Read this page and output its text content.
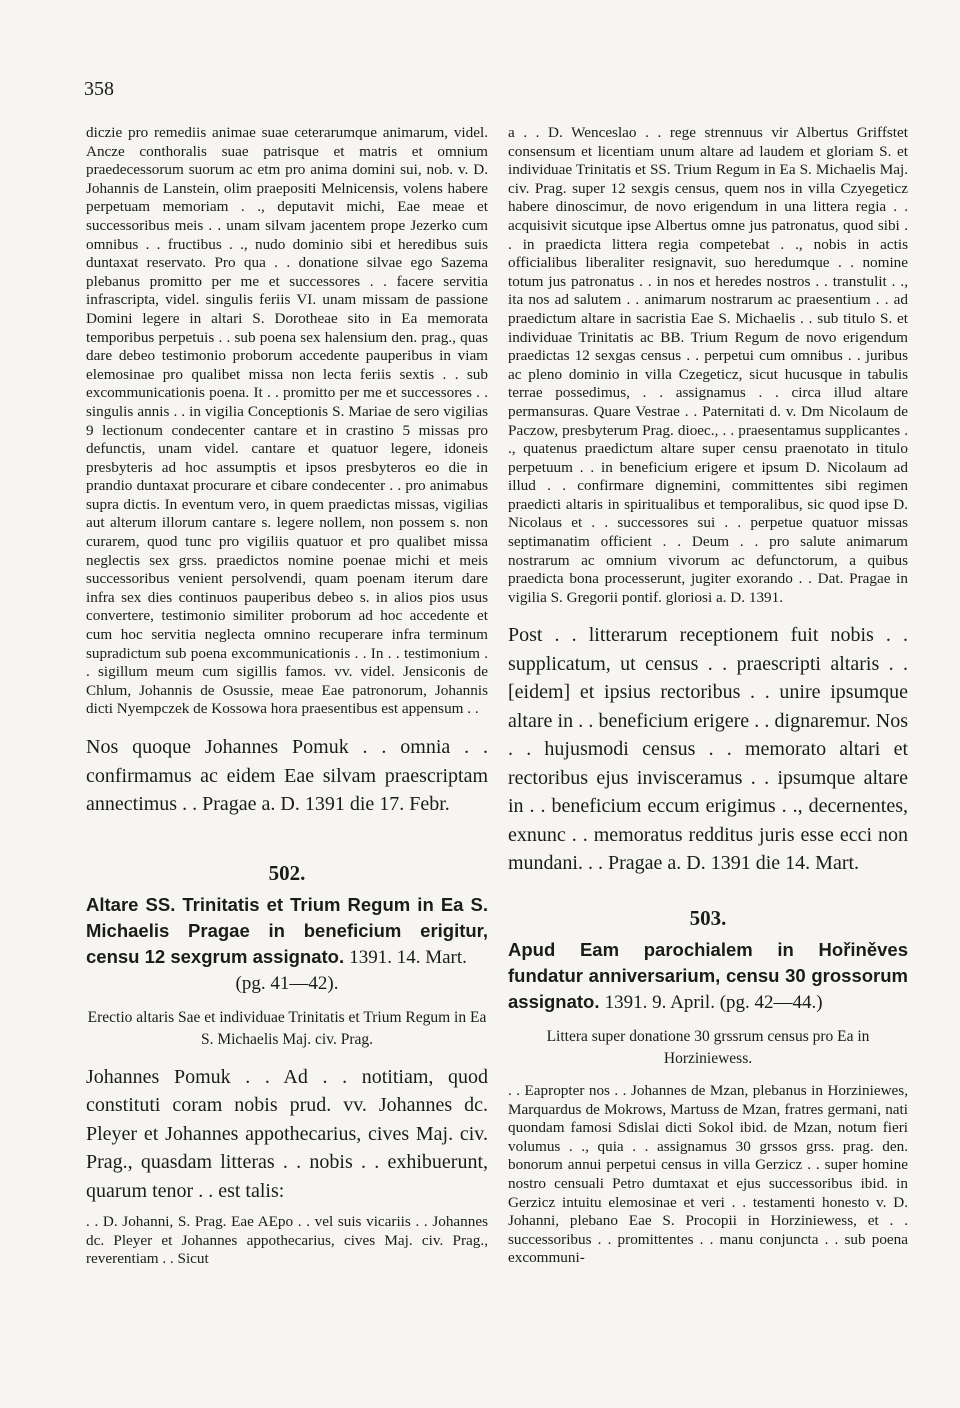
358

diczie pro remediis animae suae ceterarumque animarum, videl. Ancze conthoralis suae patrisque et matris et omnium praedecessorum suorum ac etm pro anima domini sui, nob. v. D. Johannis de Lanstein, olim praepositi Melnicensis, volens habere perpetuam memoriam . ., deputavit michi, Eae meae et successoribus meis . . unam silvam jacentem prope Jezerko cum omnibus . . fructibus . ., nudo dominio sibi et heredibus suis duntaxat reservato. Pro qua . . donatione silvae ego Sazema plebanus promitto per me et successores . . facere servitia infrascripta, videl. singulis feriis VI. unam missam de passione Domini legere in altari S. Dorotheae sito in Ea memorata temporibus perpetuis . . sub poena sex halensium den. prag., quas dare debeo testimonio proborum accedente pauperibus in viam elemosinae pro qualibet missa non lecta feriis sextis . . sub excommunicationis poena. It . . promitto per me et successores . . singulis annis . . in vigilia Conceptionis S. Mariae de sero vigilias 9 lectionum condecenter cantare et in crastino 5 missas pro defunctis, unam videl. cantare et quatuor legere, idoneis presbyteris ad hoc assumptis et ipsos presbyteros eo die in prandio duntaxat procurare et cibare condecenter . . pro animabus supra dictis. In eventum vero, in quem praedictas missas, vigilias aut alterum illorum cantare s. legere nollem, non possem s. non curarem, quod tunc pro vigiliis quatuor et pro qualibet missa neglectis sex grss. praedictos nomine poenae michi et meis successoribus venient persolvendi, quam poenam iterum dare infra sex dies continuos pauperibus debeo s. in alios pios usus convertere, testimonio similiter proborum ad hoc accedente et cum hoc servitia neglecta omnino recuperare infra terminum supradictum sub poena excommunicationis . . In . . testimonium . . sigillum meum cum sigillis famos. vv. videl. Jensiconis de Chlum, Johannis de Osussie, meae Eae patronorum, Johannis dicti Nyempczek de Kossowa hora praesentibus est appensum . .

Nos quoque Johannes Pomuk . . omnia . . confirmamus ac eidem Eae silvam praescriptam annectimus . . Pragae a. D. 1391 die 17. Febr.

502.

Altare SS. Trinitatis et Trium Regum in Ea S. Michaelis Pragae in beneficium erigitur, censu 12 sexgrum assignato. 1391. 14. Mart.
(pg. 41—42).
Erectio altaris Sae et individuae Trinitatis et Trium Regum in Ea S. Michaelis Maj. civ. Prag.

Johannes Pomuk . . Ad . . notitiam, quod constituti coram nobis prud. vv. Johannes dc. Pleyer et Johannes appothecarius, cives Maj. civ. Prag., quasdam litteras . . nobis . . exhibuerunt, quarum tenor . . est talis:

. . D. Johanni, S. Prag. Eae AEpo . . vel suis vicariis . . Johannes dc. Pleyer et Johannes appothecarius, cives Maj. civ. Prag., reverentiam . . Sicut

a . . D. Wenceslao . . rege strennuus vir Albertus Griffstet consensum et licentiam unum altare ad laudem et gloriam S. et individuae Trinitatis et SS. Trium Regum in Ea S. Michaelis Maj. civ. Prag. super 12 sexgis census, quem nos in villa Czyegeticz habere dinoscimur, de novo erigendum in una littera regia . . acquisivit sicutque ipse Albertus omne jus patronatus, quod sibi . . in praedicta littera regia competebat . ., nobis in actis officialibus liberaliter resignavit, suo heredumque . . nomine totum jus patronatus . . in nos et heredes nostros . . transtulit . ., ita nos ad salutem . . animarum nostrarum ac praesentium . . ad praedictum altare in sacristia Eae S. Michaelis . . sub titulo S. et individuae Trinitatis ac BB. Trium Regum de novo erigendum praedictas 12 sexgas census . . perpetui cum omnibus . . juribus ac pleno dominio in villa Czegeticz, sicut hucusque in tabulis terrae possedimus, . . assignamus . . circa illud altare permansuras. Quare Vestrae . . Paternitati d. v. Dm Nicolaum de Paczow, presbyterum Prag. dioec., . . praesentamus supplicantes . ., quatenus praedictum altare super censu praenotato in titulo perpetuum . . in beneficium erigere et ipsum D. Nicolaum ad illud . . confirmare dignemini, committentes sibi regimen praedicti altaris in spiritualibus et temporalibus, sic quod ipse D. Nicolaus et . . successores sui . . perpetue quatuor missas septimanatim officient . . Deum . . pro salute animarum nostrarum ac omnium vivorum ac defunctorum, a quibus praedicta bona processerunt, jugiter exorando . . Dat. Pragae in vigilia S. Gregorii pontif. gloriosi a. D. 1391.

Post . . litterarum receptionem fuit nobis . . supplicatum, ut census . . praescripti altaris . . [eidem] et ipsius rectoribus . . unire ipsumque altare in . . beneficium erigere . . dignaremur. Nos . . hujusmodi census . . memorato altari et rectoribus ejus invisceramus . . ipsumque altare in . . beneficium eccum erigimus . ., decernentes, exnunc . . memoratus redditus juris esse ecci non mundani. . . Pragae a. D. 1391 die 14. Mart.

503.

Apud Eam parochialem in Hořiněves fundatur anniversarium, censu 30 grossorum assignato. 1391. 9. April. (pg. 42—44.)
Littera super donatione 30 grssrum census pro Ea in Horziniewess.

. . Eapropter nos . . Johannes de Mzan, plebanus in Horziniewes, Marquardus de Mokrows, Martuss de Mzan, fratres germani, nati quondam famosi Sdislai dicti Sokol ibid. de Mzan, notum fieri volumus . ., quia . . assignamus 30 grssos grss. prag. den. bonorum annui perpetui census in villa Gerzicz . . super homine nostro censuali Petro dumtaxat et ejus successoribus ibid. in Gerzicz intuitu elemosinae et veri . . testamenti honesto v. D. Johanni, plebano Eae S. Procopii in Horziniewess, et . . successoribus . . promittentes . . manu conjuncta . . sub poena excommuni-
